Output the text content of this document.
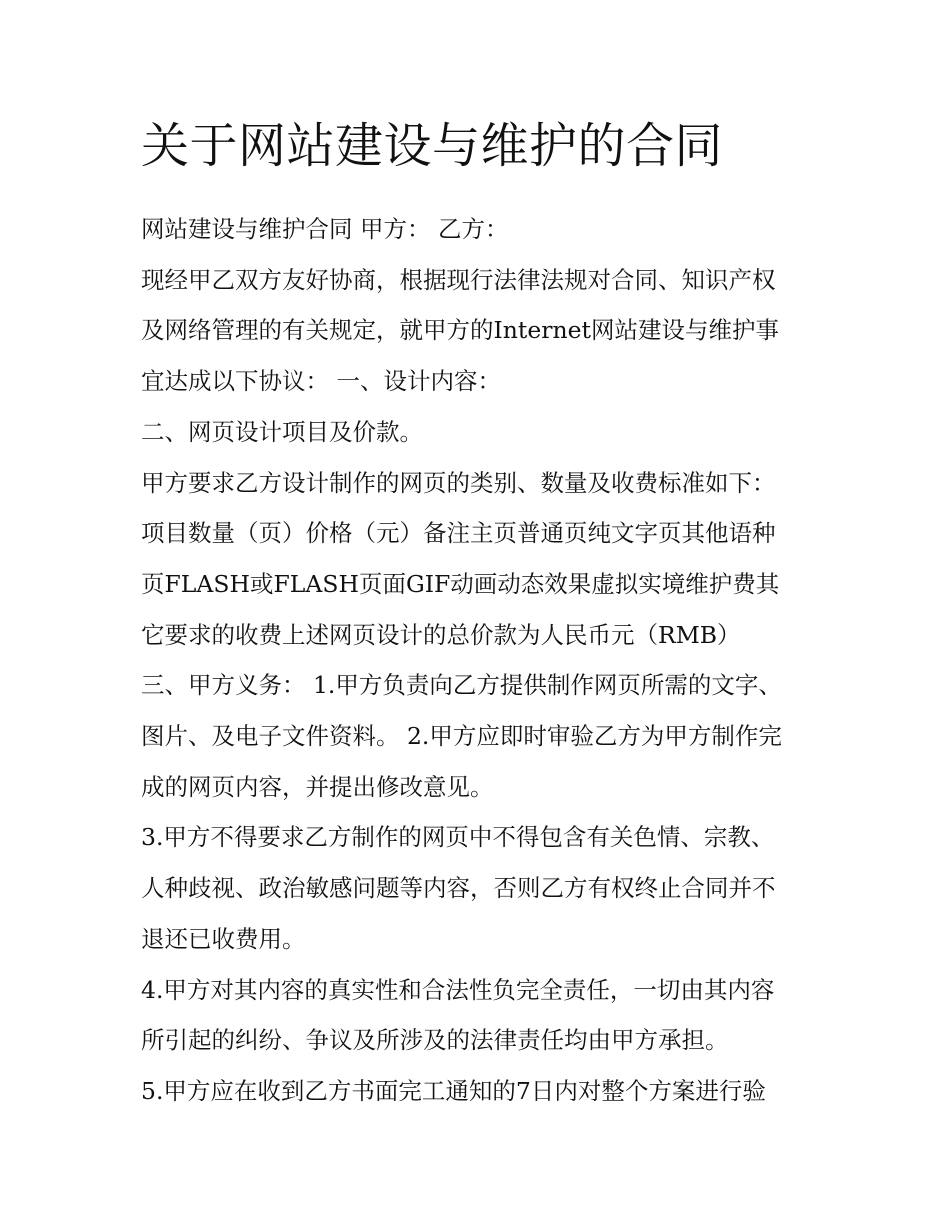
关于网站建设与维护的合同

网站建设与维护合同 甲方： 乙方：

现经甲乙双方友好协商，根据现行法律法规对合同、知识产权

及网络管理的有关规定，就甲方的Internet网站建设与维护事

宜达成以下协议： 一、设计内容：

二、网页设计项目及价款。

甲方要求乙方设计制作的网页的类别、数量及收费标准如下：

项目数量（页）价格（元）备注主页普通页纯文字页其他语种

页FLASH或FLASH页面GIF动画动态效果虚拟实境维护费其

它要求的收费上述网页设计的总价款为人民币元（RMB）

三、甲方义务： 1.甲方负责向乙方提供制作网页所需的文字、

图片、及电子文件资料。 2.甲方应即时审验乙方为甲方制作完

成的网页内容，并提出修改意见。

3.甲方不得要求乙方制作的网页中不得包含有关色情、宗教、

人种歧视、政治敏感问题等内容，否则乙方有权终止合同并不

退还已收费用。

4.甲方对其内容的真实性和合法性负完全责任，一切由其内容

所引起的纠纷、争议及所涉及的法律责任均由甲方承担。

5.甲方应在收到乙方书面完工通知的7日内对整个方案进行验
